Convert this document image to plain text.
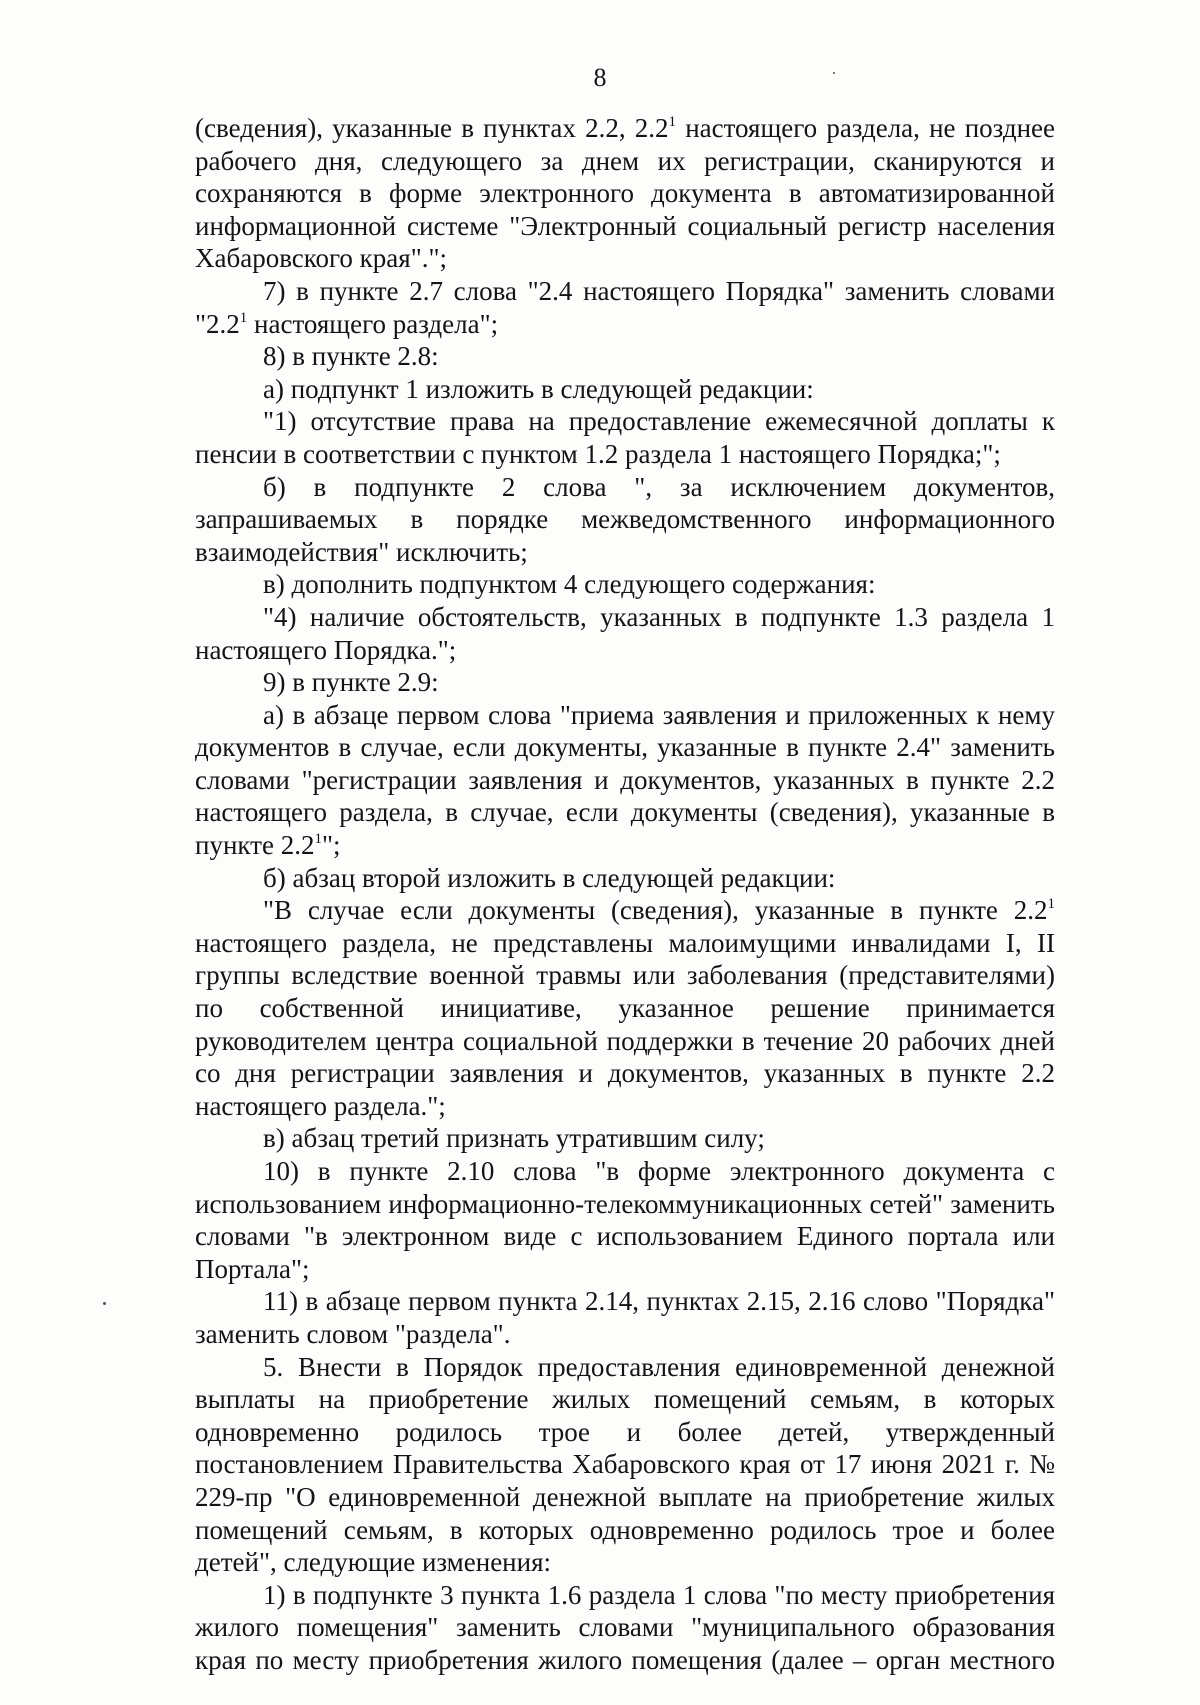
8

(сведения), указанные в пунктах 2.2, $2.2^1$ настоящего раздела, не позднее рабочего дня, следующего за днем их регистрации, сканируются и сохраняются в форме электронного документа в автоматизированной информационной системе "Электронный социальный регистр населения Хабаровского края".";

7) в пункте 2.7 слова "2.4 настоящего Порядка" заменить словами "$2.2^1$ настоящего раздела";

8) в пункте 2.8:

а) подпункт 1 изложить в следующей редакции:

"1) отсутствие права на предоставление ежемесячной доплаты к пенсии в соответствии с пунктом 1.2 раздела 1 настоящего Порядка;";

б) в подпункте 2 слова ", за исключением документов, запрашиваемых в порядке межведомственного информационного взаимодействия" исключить;

в) дополнить подпунктом 4 следующего содержания:

"4) наличие обстоятельств, указанных в подпункте 1.3 раздела 1 настоящего Порядка.";

9) в пункте 2.9:

а) в абзаце первом слова "приема заявления и приложенных к нему документов в случае, если документы, указанные в пункте 2.4" заменить словами "регистрации заявления и документов, указанных в пункте 2.2 настоящего раздела, в случае, если документы (сведения), указанные в пункте $2.2^1$";

б) абзац второй изложить в следующей редакции:

"В случае если документы (сведения), указанные в пункте $2.2^1$ настоящего раздела, не представлены малоимущими инвалидами I, II группы вследствие военной травмы или заболевания (представителями) по собственной инициативе, указанное решение принимается руководителем центра социальной поддержки в течение 20 рабочих дней со дня регистрации заявления и документов, указанных в пункте 2.2 настоящего раздела.";

в) абзац третий признать утратившим силу;

10) в пункте 2.10 слова "в форме электронного документа с использованием информационно-телекоммуникационных сетей" заменить словами "в электронном виде с использованием Единого портала или Портала";

11) в абзаце первом пункта 2.14, пунктах 2.15, 2.16 слово "Порядка" заменить словом "раздела".

5. Внести в Порядок предоставления единовременной денежной выплаты на приобретение жилых помещений семьям, в которых одновременно родилось трое и более детей, утвержденный постановлением Правительства Хабаровского края от 17 июня 2021 г. № 229-пр "О единовременной денежной выплате на приобретение жилых помещений семьям, в которых одновременно родилось трое и более детей", следующие изменения:

1) в подпункте 3 пункта 1.6 раздела 1 слова "по месту приобретения жилого помещения" заменить словами "муниципального образования края по месту приобретения жилого помещения (далее – орган местного
